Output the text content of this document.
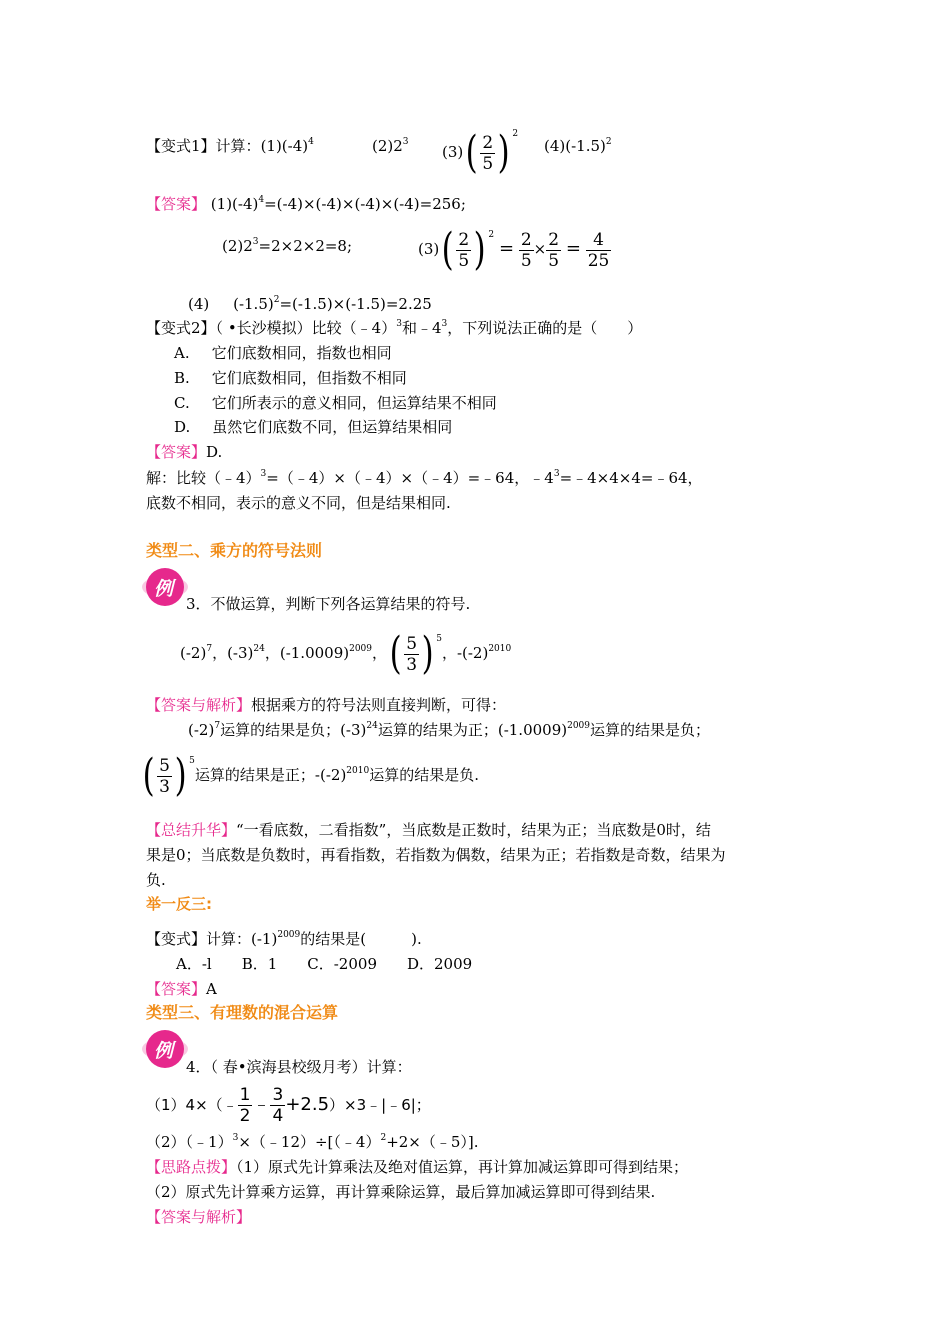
【变式1】计算：$(1)(-4)^4$	$(2)2^3$
$(3)( \frac{2}{5}$ ) $^2$
$(4)(-1.5)^2$
【答案】 $(1)(-4)^4=(-4)\times(-4)\times(-4)\times(-4)=256$;
$(2)2^3=2\times 2\times 2=8$;	$(3)( \frac{2}{5}$ ) $^2 = \frac{2}{5} \times \frac{2}{5} = \frac{4}{25}$
(4) $(-1.5)^2=(-1.5)\times(-1.5)=2.25$
【变式2】（ •长沙模拟）比较（﹣4）$^3$和$﹣4^3$，下列说法正确的是（　　）
A. 它们底数相同，指数也相同
B. 它们底数相同，但指数不相同
C. 它们所表示的意义相同，但运算结果不相同
D. 虽然它们底数不同，但运算结果相同
【答案】D.
解：比较（﹣4）$^3$=（﹣4）×（﹣4）×（﹣4）=﹣64，$﹣4^3=﹣4\times 4\times 4=﹣64$，
底数不相同，表示的意义不同，但是结果相同.
类型二、乘方的符号法则
例
3．不做运算，判断下列各运算结果的符号.
$(-2)^7$，$(-3)^{24}$，$(-1.0009)^{2009}$，( $\frac{5}{3}$ ) $^5$，$-(-2)^{2010}$
【答案与解析】根据乘方的符号法则直接判断，可得：
$(-2)^7$运算的结果是负；$(-3)^{24}$运算的结果为正；$(-1.0009)^{2009}$运算的结果是负；
( $\frac{5}{3}$ ) $^5$运算的结果是正；$-(-2)^{2010}$运算的结果是负.
【总结升华】“一看底数，二看指数”，当底数是正数时，结果为正；当底数是0时，结
果是0；当底数是负数时，再看指数，若指数为偶数，结果为正；若指数是奇数，结果为
负.
举一反三:
【变式】计算：$(-1)^{2009}$的结果是(　　　).
A．-l　　B．1　　C．-2009　　D．2009
【答案】A
类型三、有理数的混合运算
例
4．（ 春•滨海县校级月考）计算：
（1）4×（﹣ $\frac{1}{2}$ ﹣ $\frac{3}{4}$ +2.5）×3﹣|﹣6|；
（2）（﹣1）$^3$×（﹣12）÷[（﹣4）$^2$+2×（﹣5）].
【思路点拨】（1）原式先计算乘法及绝对值运算，再计算加减运算即可得到结果；
（2）原式先计算乘方运算，再计算乘除运算，最后算加减运算即可得到结果.
【答案与解析】
